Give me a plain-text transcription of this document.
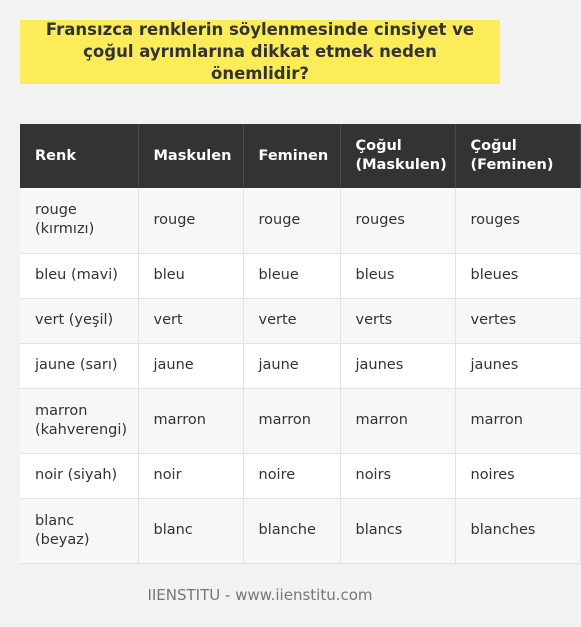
Fransızca renklerin söylenmesinde cinsiyet ve çoğul ayrımlarına dikkat etmek neden önemlidir?
Renk	Maskulen	Feminen	Çoğul (Maskulen)	Çoğul (Feminen)
rouge (kırmızı)	rouge	rouge	rouges	rouges
bleu (mavi)	bleu	bleue	bleus	bleues
vert (yeşil)	vert	verte	verts	vertes
jaune (sarı)	jaune	jaune	jaunes	jaunes
marron (kahverengi)	marron	marron	marron	marron
noir (siyah)	noir	noire	noirs	noires
blanc (beyaz)	blanc	blanche	blancs	blanches
IIENSTITU - www.iienstitu.com
